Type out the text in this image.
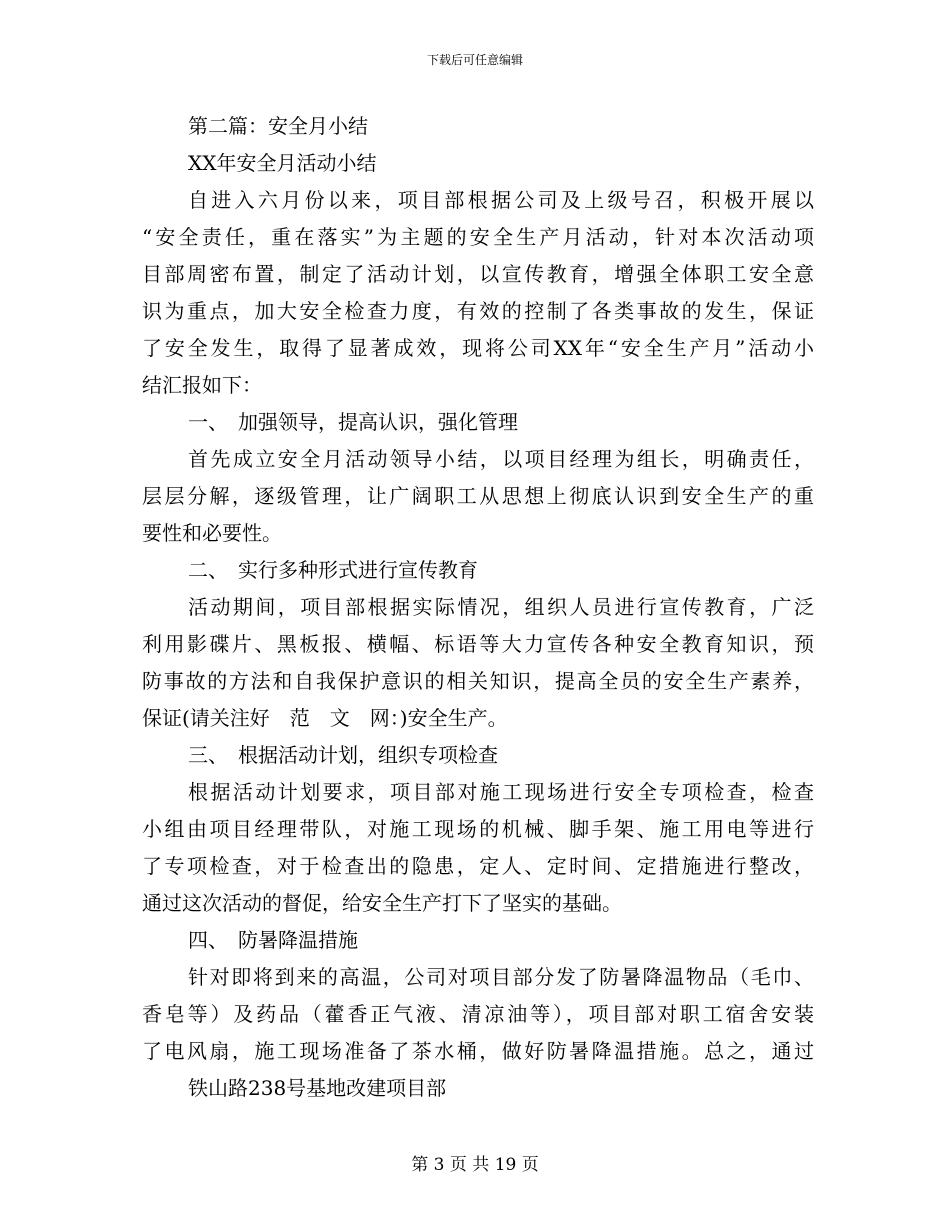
下载后可任意编辑
第二篇：安全月小结
XX年安全月活动小结
自进入六月份以来，项目部根据公司及上级号召，积极开展以
“安全责任，重在落实”为主题的安全生产月活动，针对本次活动项
目部周密布置，制定了活动计划，以宣传教育，增强全体职工安全意
识为重点，加大安全检查力度，有效的控制了各类事故的发生，保证
了安全发生，取得了显著成效，现将公司XX年“安全生产月”活动小
结汇报如下：
一、　加强领导，提高认识，强化管理
首先成立安全月活动领导小结，以项目经理为组长，明确责任，
层层分解，逐级管理，让广阔职工从思想上彻底认识到安全生产的重
要性和必要性。
二、　实行多种形式进行宣传教育
活动期间，项目部根据实际情况，组织人员进行宣传教育，广泛
利用影碟片、黑板报、横幅、标语等大力宣传各种安全教育知识，预
防事故的方法和自我保护意识的相关知识，提高全员的安全生产素养，
保证(请关注好　范　文　网：)安全生产。
三、　根据活动计划，组织专项检查
根据活动计划要求，项目部对施工现场进行安全专项检查，检查
小组由项目经理带队，对施工现场的机械、脚手架、施工用电等进行
了专项检查，对于检查出的隐患，定人、定时间、定措施进行整改，
通过这次活动的督促，给安全生产打下了坚实的基础。
四、　防暑降温措施
针对即将到来的高温，公司对项目部分发了防暑降温物品（毛巾、
香皂等）及药品（藿香正气液、清凉油等），项目部对职工宿舍安装
了电风扇，施工现场准备了茶水桶，做好防暑降温措施。总之，通过
铁山路238号基地改建项目部
第 3 页 共 19 页
